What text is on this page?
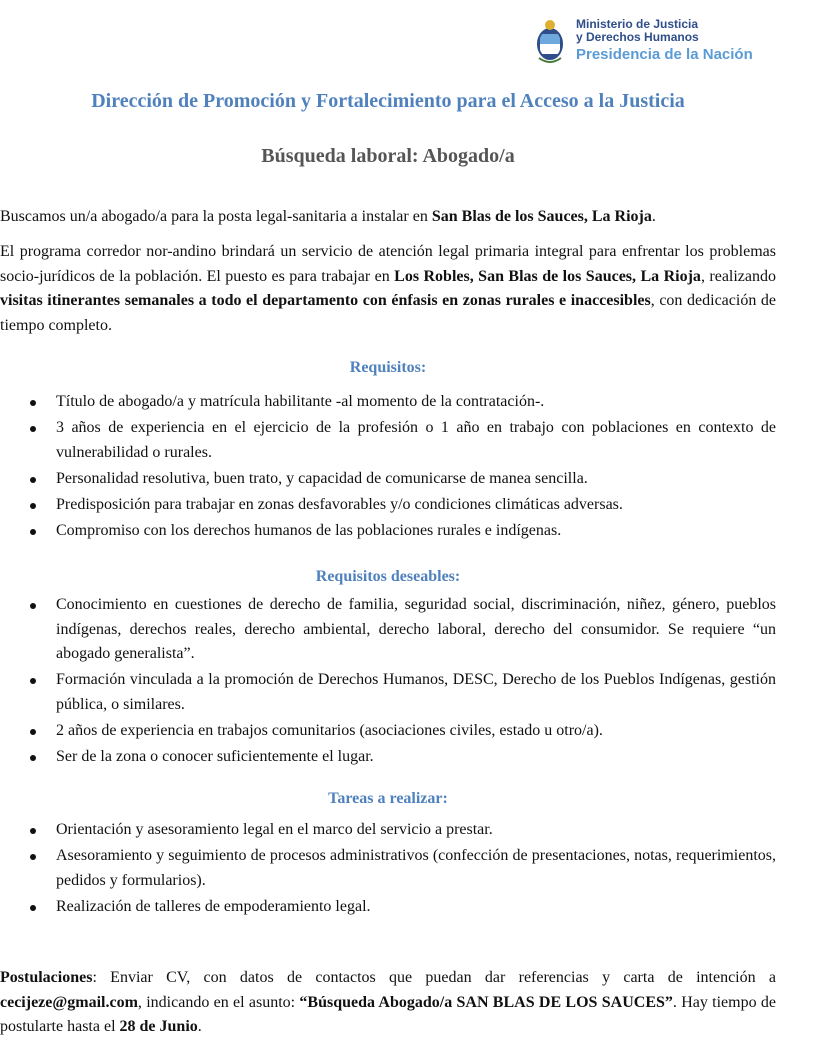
Ministerio de Justicia
y Derechos Humanos
Presidencia de la Nación
Dirección de Promoción y Fortalecimiento para el Acceso a la Justicia
Búsqueda laboral: Abogado/a

Buscamos un/a abogado/a para la posta legal-sanitaria a instalar en San Blas de los Sauces, La Rioja.

El programa corredor nor-andino brindará un servicio de atención legal primaria integral para enfrentar los problemas socio-jurídicos de la población. El puesto es para trabajar en Los Robles, San Blas de los Sauces, La Rioja, realizando visitas itinerantes semanales a todo el departamento con énfasis en zonas rurales e inaccesibles, con dedicación de tiempo completo.

Requisitos:
Título de abogado/a y matrícula habilitante -al momento de la contratación-.
3 años de experiencia en el ejercicio de la profesión o 1 año en trabajo con poblaciones en contexto de vulnerabilidad o rurales.
Personalidad resolutiva, buen trato, y capacidad de comunicarse de manea sencilla.
Predisposición para trabajar en zonas desfavorables y/o condiciones climáticas adversas.
Compromiso con los derechos humanos de las poblaciones rurales e indígenas.
Requisitos deseables:
Conocimiento en cuestiones de derecho de familia, seguridad social, discriminación, niñez, género, pueblos indígenas, derechos reales, derecho ambiental, derecho laboral, derecho del consumidor. Se requiere “un abogado generalista”.
Formación vinculada a la promoción de Derechos Humanos, DESC, Derecho de los Pueblos Indígenas, gestión pública, o similares.
2 años de experiencia en trabajos comunitarios (asociaciones civiles, estado u otro/a).
Ser de la zona o conocer suficientemente el lugar.
Tareas a realizar:
Orientación y asesoramiento legal en el marco del servicio a prestar.
Asesoramiento y seguimiento de procesos administrativos (confección de presentaciones, notas, requerimientos, pedidos y formularios).
Realización de talleres de empoderamiento legal.

Postulaciones: Enviar CV, con datos de contactos que puedan dar referencias y carta de intención a cecijeze@gmail.com, indicando en el asunto: “Búsqueda Abogado/a SAN BLAS DE LOS SAUCES”. Hay tiempo de postularte hasta el 28 de Junio.
